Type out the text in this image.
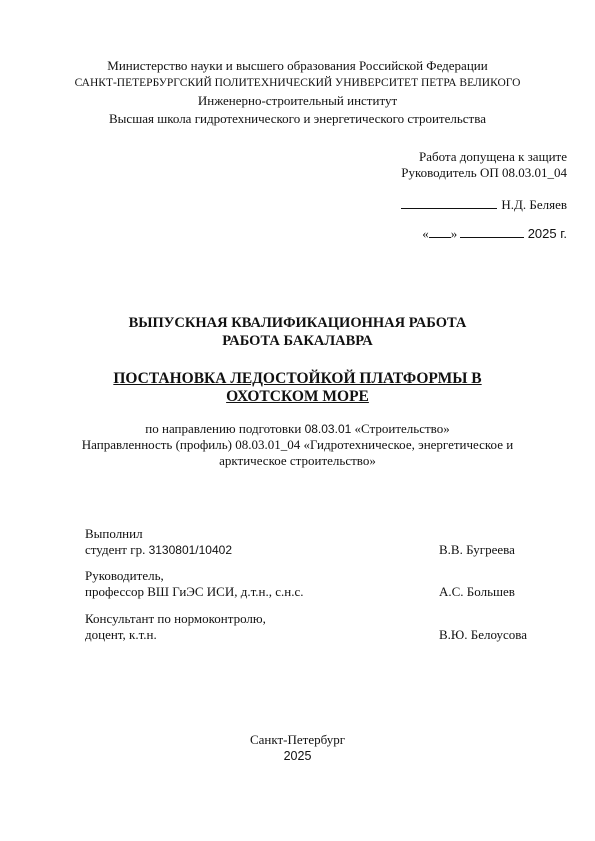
Министерство науки и высшего образования Российской Федерации
САНКТ-ПЕТЕРБУРГСКИЙ ПОЛИТЕХНИЧЕСКИЙ УНИВЕРСИТЕТ ПЕТРА ВЕЛИКОГО
Инженерно-строительный институт
Высшая школа гидротехнического и энергетического строительства
Работа допущена к защите
Руководитель ОП 08.03.01_04
Н.Д. Беляев
« »	2025 г.
ВЫПУСКНАЯ КВАЛИФИКАЦИОННАЯ РАБОТА
РАБОТА БАКАЛАВРА
ПОСТАНОВКА ЛЕДОСТОЙКОЙ ПЛАТФОРМЫ В
ОХОТСКОМ МОРЕ
по направлению подготовки 08.03.01 «Строительство»
Направленность (профиль) 08.03.01_04 «Гидротехническое, энергетическое и
арктическое строительство»
Выполнил
студент гр. 3130801/10402	В.В. Бугреева
Руководитель,
профессор ВШ ГиЭС ИСИ, д.т.н., с.н.с.	А.С. Большев
Консультант по нормоконтролю,
доцент, к.т.н.	В.Ю. Белоусова
Санкт-Петербург
2025
